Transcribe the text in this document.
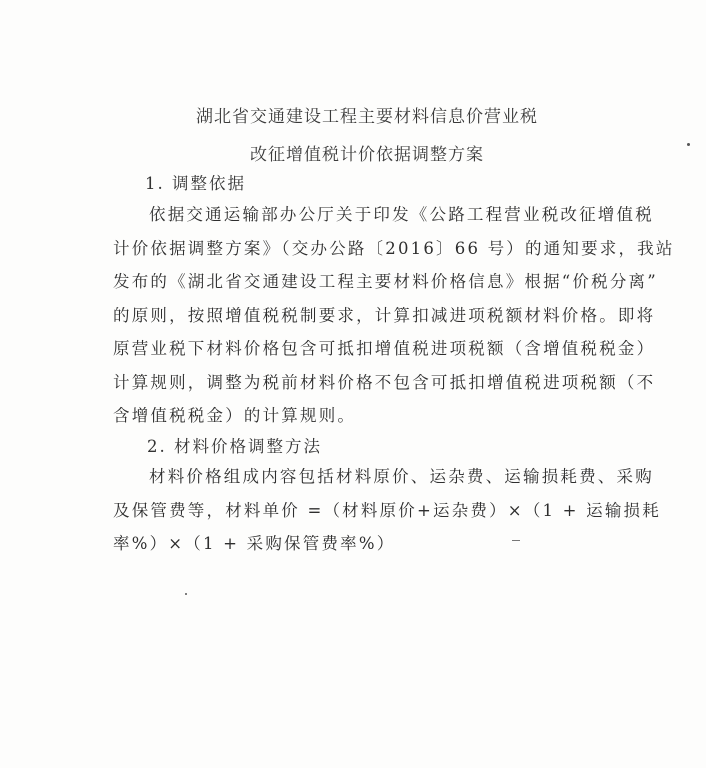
湖北省交通建设工程主要材料信息价营业税
改征增值税计价依据调整方案
1. 调整依据
依据交通运输部办公厅关于印发《公路工程营业税改征增值税
计价依据调整方案》（交办公路〔2016〕66 号）的通知要求，我站
发布的《湖北省交通建设工程主要材料价格信息》根据“价税分离”
的原则，按照增值税税制要求，计算扣减进项税额材料价格。即将
原营业税下材料价格包含可抵扣增值税进项税额（含增值税税金）
计算规则，调整为税前材料价格不包含可抵扣增值税进项税额（不
含增值税税金）的计算规则。
2. 材料价格调整方法
材料价格组成内容包括材料原价、运杂费、运输损耗费、采购
及保管费等，材料单价 =（材料原价+运杂费）×（1 + 运输损耗
率%）×（1 + 采购保管费率%）
